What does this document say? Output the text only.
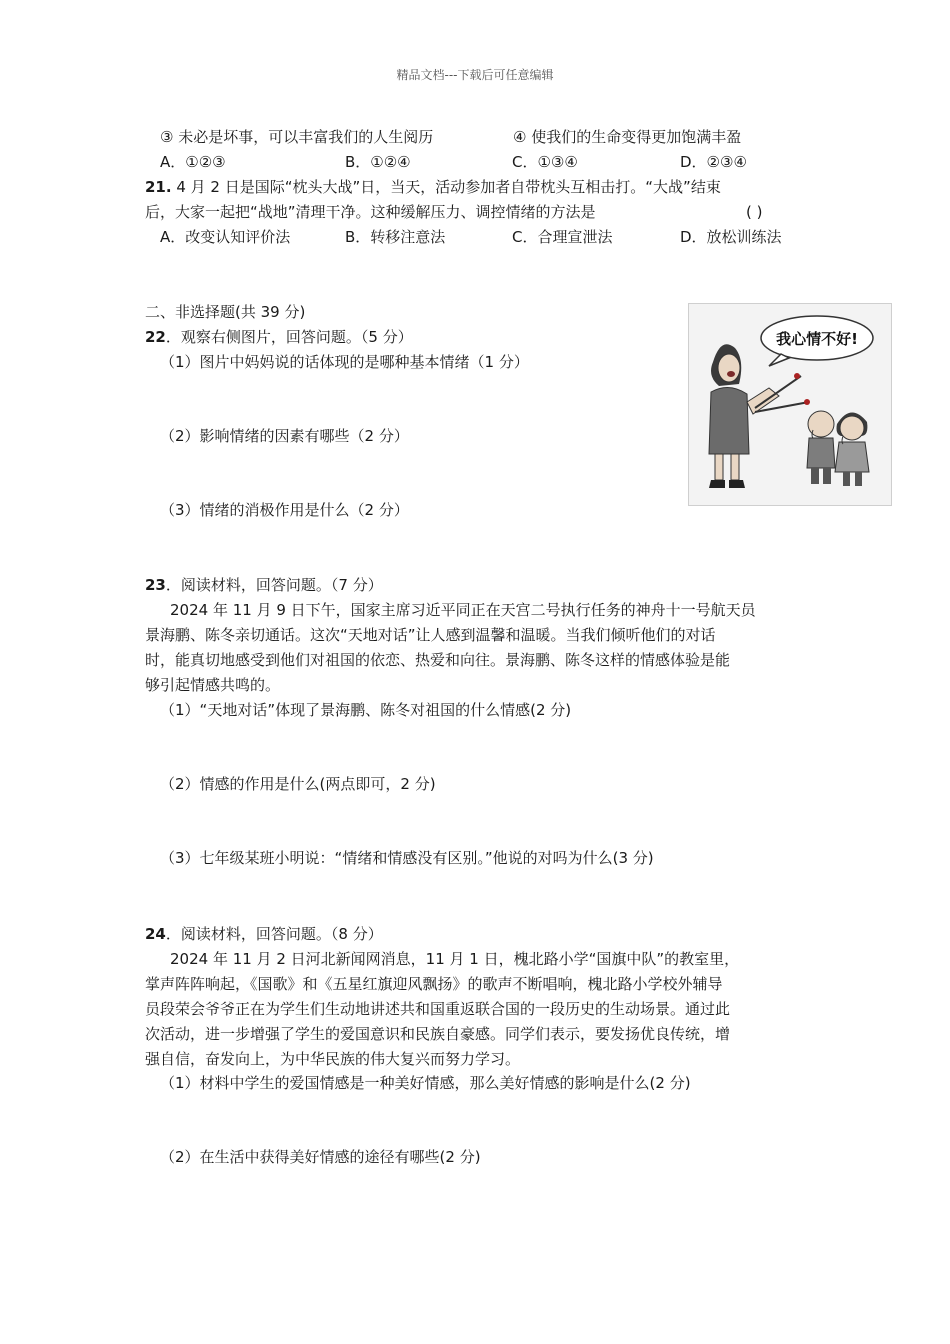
精品文档---下载后可任意编辑
③ 未必是坏事，可以丰富我们的人生阅历	④ 使我们的生命变得更加饱满丰盈
A．①②③	B．①②④	C．①③④	D．②③④
21. 4 月 2 日是国际“枕头大战”日，当天，活动参加者自带枕头互相击打。“大战”结束
后，大家一起把“战地”清理干净。这种缓解压力、调控情绪的方法是	( )
A．改变认知评价法	B．转移注意法	C．合理宣泄法	D．放松训练法
二、非选择题(共 39 分)
22．观察右侧图片，回答问题。（5 分）
（1）图片中妈妈说的话体现的是哪种基本情绪（1 分）
（2）影响情绪的因素有哪些（2 分）
（3）情绪的消极作用是什么（2 分）
我心情不好!
23．阅读材料，回答问题。（7 分）
2024 年 11 月 9 日下午，国家主席习近平同正在天宫二号执行任务的神舟十一号航天员
景海鹏、陈冬亲切通话。这次“天地对话”让人感到温馨和温暖。当我们倾听他们的对话
时，能真切地感受到他们对祖国的依恋、热爱和向往。景海鹏、陈冬这样的情感体验是能
够引起情感共鸣的。
（1）“天地对话”体现了景海鹏、陈冬对祖国的什么情感(2 分)
（2）情感的作用是什么(两点即可，2 分)
（3）七年级某班小明说：“情绪和情感没有区别。”他说的对吗为什么(3 分)
24．阅读材料，回答问题。（8 分）
2024 年 11 月 2 日河北新闻网消息，11 月 1 日，槐北路小学“国旗中队”的教室里，
掌声阵阵响起，《国歌》和《五星红旗迎风飘扬》的歌声不断唱响，槐北路小学校外辅导
员段荣会爷爷正在为学生们生动地讲述共和国重返联合国的一段历史的生动场景。通过此
次活动，进一步增强了学生的爱国意识和民族自豪感。同学们表示，要发扬优良传统，增
强自信，奋发向上，为中华民族的伟大复兴而努力学习。
（1）材料中学生的爱国情感是一种美好情感，那么美好情感的影响是什么(2 分)
（2）在生活中获得美好情感的途径有哪些(2 分)
